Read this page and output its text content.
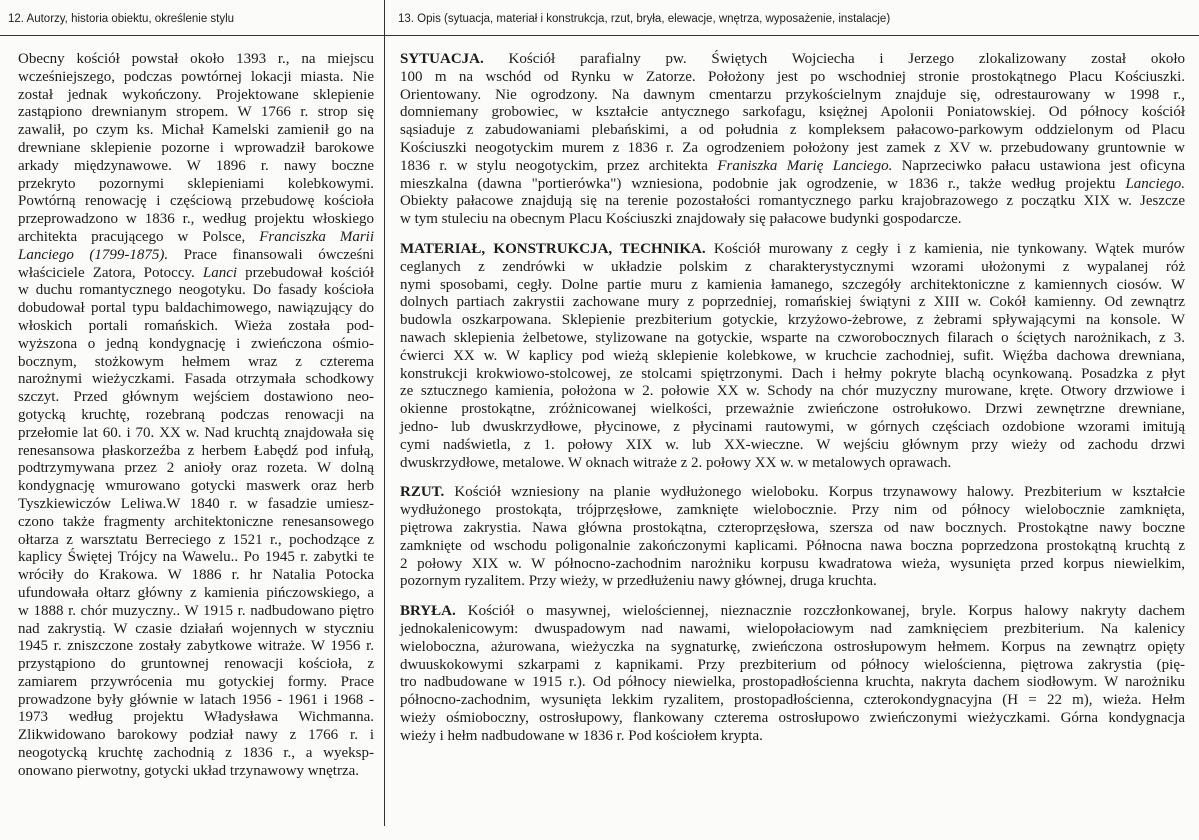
12. Autorzy, historia obiektu, określenie stylu	13. Opis (sytuacja, materiał i konstrukcja, rzut, bryła, elewacje, wnętrza, wyposażenie, instalacje)

Obecny kościół powstał około 1393 r., na miejscu
wcześniejszego, podczas powtórnej lokacji miasta. Nie
został jednak wykończony. Projektowane sklepienie
zastąpiono drewnianym stropem. W 1766 r. strop się
zawalił, po czym ks. Michał Kamelski zamienił go na
drewniane sklepienie pozorne i wprowadził barokowe
arkady międzynawowe. W 1896 r. nawy boczne
przekryto pozornymi sklepieniami kolebkowymi.
Powtórną renowację i częściową przebudowę kościoła
przeprowadzono w 1836 r., według projektu włoskiego
architekta pracującego w Polsce, Franciszka Marii
Lanciego (1799-1875). Prace finansowali ówcześni
właściciele Zatora, Potoccy. Lanci przebudował kościół
w duchu romantycznego neogotyku. Do fasady kościoła
dobudował portal typu baldachimowego, nawiązujący do
włoskich portali romańskich. Wieża została pod-
wyższona o jedną kondygnację i zwieńczona ośmio-
bocznym, stożkowym hełmem wraz z czterema
narożnymi wieżyczkami. Fasada otrzymała schodkowy
szczyt. Przed głównym wejściem dostawiono neo-
gotycką kruchtę, rozebraną podczas renowacji na
przełomie lat 60. i 70. XX w. Nad kruchtą znajdowała się
renesansowa płaskorzeźba z herbem Łabędź pod infułą,
podtrzymywana przez 2 anioły oraz rozeta. W dolną
kondygnację wmurowano gotycki maswerk oraz herb
Tyszkiewiczów Leliwa.W 1840 r. w fasadzie umiesz-
czono także fragmenty architektoniczne renesansowego
ołtarza z warsztatu Berreciego z 1521 r., pochodzące z
kaplicy Świętej Trójcy na Wawelu.. Po 1945 r. zabytki te
wróciły do Krakowa. W 1886 r. hr Natalia Potocka
ufundowała ołtarz główny z kamienia pińczowskiego, a
w 1888 r. chór muzyczny.. W 1915 r. nadbudowano piętro
nad zakrystią. W czasie działań wojennych w styczniu
1945 r. zniszczone zostały zabytkowe witraże. W 1956 r.
przystąpiono do gruntownej renowacji kościoła, z
zamiarem przywrócenia mu gotyckiej formy. Prace
prowadzone były głównie w latach 1956 - 1961 i 1968 -
1973 według projektu Władysława Wichmanna.
Zlikwidowano barokowy podział nawy z 1766 r. i
neogotycką kruchtę zachodnią z 1836 r., a wyeksp-
onowano pierwotny, gotycki układ trzynawowy wnętrza.

SYTUACJA. Kościół parafialny pw. Świętych Wojciecha i Jerzego zlokalizowany został około
100 m na wschód od Rynku w Zatorze. Położony jest po wschodniej stronie prostokątnego Placu Kościuszki.
Orientowany. Nie ogrodzony. Na dawnym cmentarzu przykościelnym znajduje się, odrestaurowany w 1998 r.,
domniemany grobowiec, w kształcie antycznego sarkofagu, księżnej Apolonii Poniatowskiej. Od północy kościół
sąsiaduje z zabudowaniami plebańskimi, a od południa z kompleksem pałacowo-parkowym oddzielonym od Placu
Kościuszki neogotyckim murem z 1836 r. Za ogrodzeniem położony jest zamek z XV w. przebudowany gruntownie w
1836 r. w stylu neogotyckim, przez architekta Franiszka Marię Lanciego. Naprzeciwko pałacu ustawiona jest oficyna
mieszkalna (dawna "portierówka") wzniesiona, podobnie jak ogrodzenie, w 1836 r., także według projektu Lanciego.
Obiekty pałacowe znajdują się na terenie pozostałości romantycznego parku krajobrazowego z początku XIX w. Jeszcze
w tym stuleciu na obecnym Placu Kościuszki znajdowały się pałacowe budynki gospodarcze.

MATERIAŁ, KONSTRUKCJA, TECHNIKA. Kościół murowany z cegły i z kamienia, nie tynkowany. Wątek murów
ceglanych z zendrówki w układzie polskim z charakterystycznymi wzorami ułożonymi z wypalanej róż
nymi sposobami, cegły. Dolne partie muru z kamienia łamanego, szczegóły architektoniczne z kamiennych ciosów. W
dolnych partiach zakrystii zachowane mury z poprzedniej, romańskiej świątyni z XIII w. Cokół kamienny. Od zewnątrz
budowla oszkarpowana. Sklepienie prezbiterium gotyckie, krzyżowo-żebrowe, z żebrami spływającymi na konsole. W
nawach sklepienia żelbetowe, stylizowane na gotyckie, wsparte na czworobocznych filarach o ściętych narożnikach, z 3.
ćwierci XX w. W kaplicy pod wieżą sklepienie kolebkowe, w kruchcie zachodniej, sufit. Więźba dachowa drewniana,
konstrukcji krokwiowo-stolcowej, ze stolcami spiętrzonymi. Dach i hełmy pokryte blachą ocynkowaną. Posadzka z płyt
ze sztucznego kamienia, położona w 2. połowie XX w. Schody na chór muzyczny murowane, kręte. Otwory drzwiowe i
okienne prostokątne, zróżnicowanej wielkości, przeważnie zwieńczone ostrołukowo. Drzwi zewnętrzne drewniane,
jedno- lub dwuskrzydłowe, płycinowe, z płycinami rautowymi, w górnych częściach ozdobione wzorami imitują
cymi nadświetla, z 1. połowy XIX w. lub XX-wieczne. W wejściu głównym przy wieży od zachodu drzwi
dwuskrzydłowe, metalowe. W oknach witraże z 2. połowy XX w. w metalowych oprawach.

RZUT. Kościół wzniesiony na planie wydłużonego wieloboku. Korpus trzynawowy halowy. Prezbiterium w kształcie
wydłużonego prostokąta, trójprzęsłowe, zamknięte wielobocznie. Przy nim od północy wielobocznie zamknięta,
piętrowa zakrystia. Nawa główna prostokątna, czteroprzęsłowa, szersza od naw bocznych. Prostokątne nawy boczne
zamknięte od wschodu poligonalnie zakończonymi kaplicami. Północna nawa boczna poprzedzona prostokątną kruchtą z
2 połowy XIX w. W północno-zachodnim narożniku korpusu kwadratowa wieża, wysunięta przed korpus niewielkim,
pozornym ryzalitem. Przy wieży, w przedłużeniu nawy głównej, druga kruchta.

BRYŁA. Kościół o masywnej, wielościennej, nieznacznie rozczłonkowanej, bryle. Korpus halowy nakryty dachem
jednokalenicowym: dwuspadowym nad nawami, wielopołaciowym nad zamknięciem prezbiterium. Na kalenicy
wieloboczna, ażurowana, wieżyczka na sygnaturkę, zwieńczona ostrosłupowym hełmem. Korpus na zewnątrz opięty
dwuuskokowymi szkarpami z kapnikami. Przy prezbiterium od północy wielościenna, piętrowa zakrystia (pię-
tro nadbudowane w 1915 r.). Od północy niewielka, prostopadłościenna kruchta, nakryta dachem siodłowym. W narożniku
północno-zachodnim, wysunięta lekkim ryzalitem, prostopadłościenna, czterokondygnacyjna (H = 22 m), wieża. Hełm
wieży ośmioboczny, ostrosłupowy, flankowany czterema ostrosłupowo zwieńczonymi wieżyczkami. Górna kondygnacja
wieży i hełm nadbudowane w 1836 r. Pod kościołem krypta.
